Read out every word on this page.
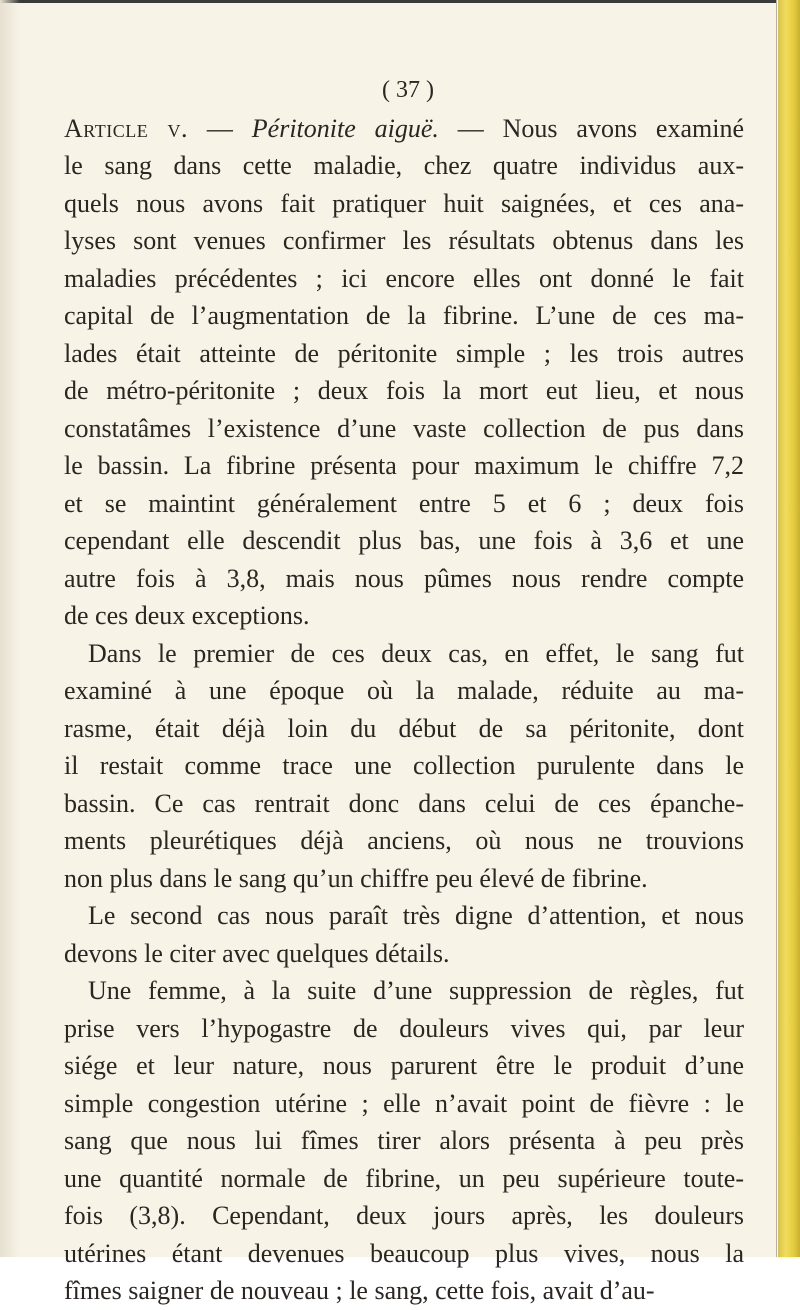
( 37 )

Article v. — Péritonite aiguë. — Nous avons examiné

le sang dans cette maladie, chez quatre individus aux-

quels nous avons fait pratiquer huit saignées, et ces ana-

lyses sont venues confirmer les résultats obtenus dans les

maladies précédentes ; ici encore elles ont donné le fait

capital de l’augmentation de la fibrine. L’une de ces ma-

lades était atteinte de péritonite simple ; les trois autres

de métro-péritonite ; deux fois la mort eut lieu, et nous

constatâmes l’existence d’une vaste collection de pus dans

le bassin. La fibrine présenta pour maximum le chiffre 7,2

et se maintint généralement entre 5 et 6 ; deux fois

cependant elle descendit plus bas, une fois à 3,6 et une

autre fois à 3,8, mais nous pûmes nous rendre compte

de ces deux exceptions.

Dans le premier de ces deux cas, en effet, le sang fut

examiné à une époque où la malade, réduite au ma-

rasme, était déjà loin du début de sa péritonite, dont

il restait comme trace une collection purulente dans le

bassin. Ce cas rentrait donc dans celui de ces épanche-

ments pleurétiques déjà anciens, où nous ne trouvions

non plus dans le sang qu’un chiffre peu élevé de fibrine.

Le second cas nous paraît très digne d’attention, et nous

devons le citer avec quelques détails.

Une femme, à la suite d’une suppression de règles, fut

prise vers l’hypogastre de douleurs vives qui, par leur

siége et leur nature, nous parurent être le produit d’une

simple congestion utérine ; elle n’avait point de fièvre : le

sang que nous lui fîmes tirer alors présenta à peu près

une quantité normale de fibrine, un peu supérieure toute-

fois (3,8). Cependant, deux jours après, les douleurs

utérines étant devenues beaucoup plus vives, nous la

fîmes saigner de nouveau ; le sang, cette fois, avait d’au-
